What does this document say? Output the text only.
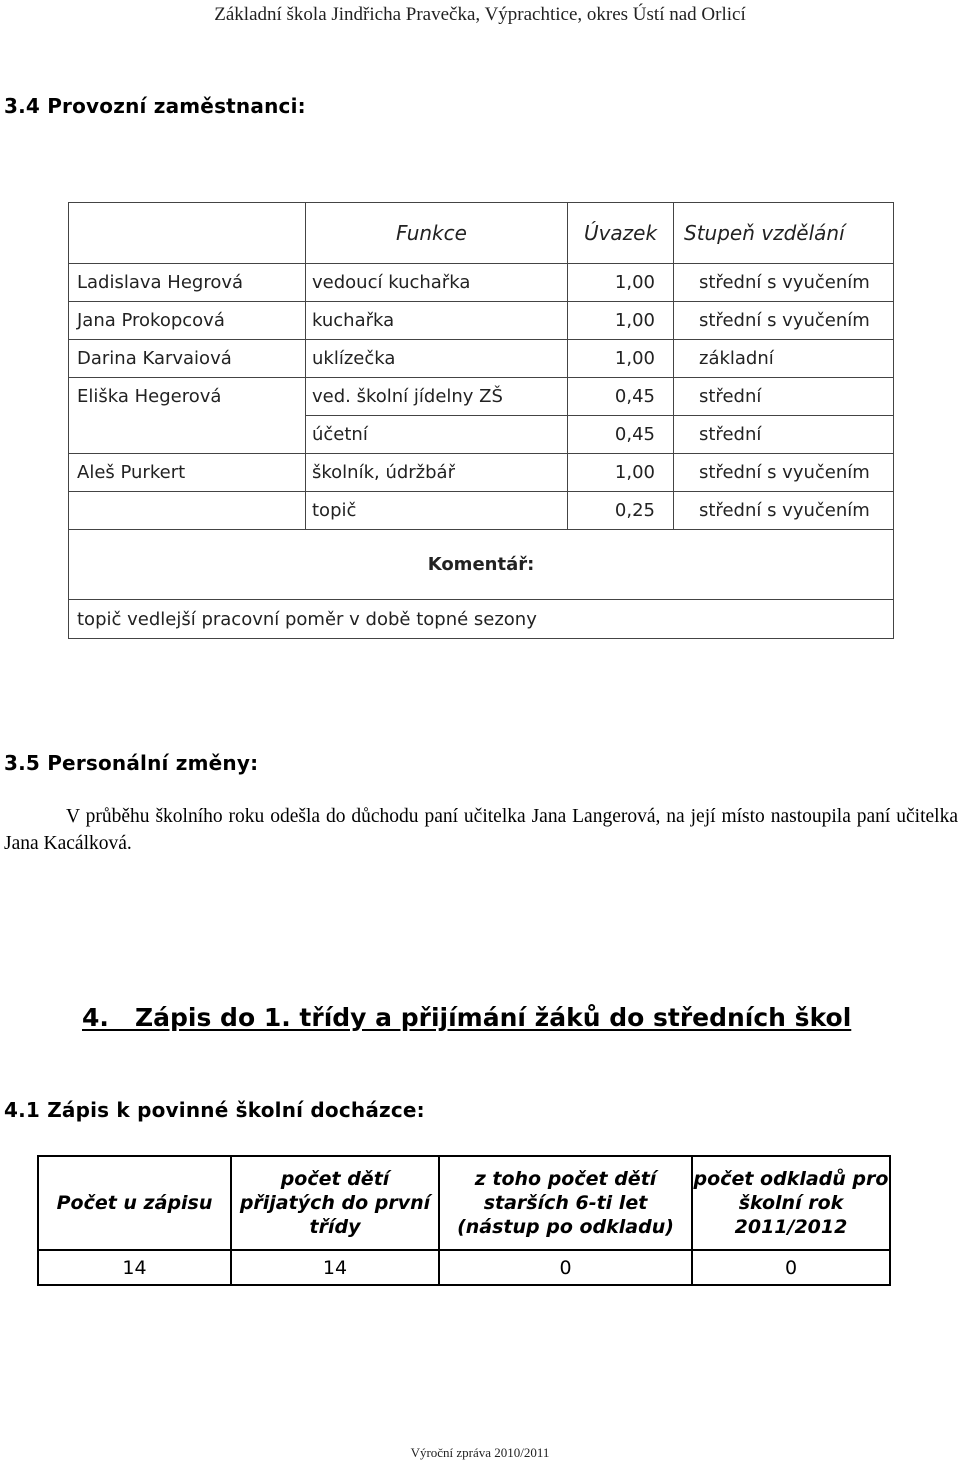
Základní škola Jindřicha Pravečka, Výprachtice, okres Ústí nad Orlicí
3.4 Provozní zaměstnanci:
	Funkce	Úvazek	Stupeň vzdělání
Ladislava Hegrová	vedoucí kuchařka	1,00	střední s vyučením
Jana Prokopcová	kuchařka	1,00	střední s vyučením
Darina Karvaiová	uklízečka	1,00	základní
Eliška Hegerová	ved. školní jídelny ZŠ	0,45	střední
	účetní	0,45	střední
Aleš Purkert	školník, údržbář	1,00	střední s vyučením
	topič	0,25	střední s vyučením
Komentář:			
topič vedlejší pracovní poměr v době topné sezony			
3.5 Personální změny:
V průběhu školního roku odešla do důchodu paní učitelka Jana Langerová, na její místo nastoupila paní učitelka Jana Kacálková.
4.   Zápis do 1. třídy a přijímání žáků do středních škol
4.1 Zápis k povinné školní docházce:
Počet u zápisu	počet dětí přijatých do první třídy	z toho počet dětí starších 6-ti let (nástup po odkladu)	počet odkladů pro školní rok 2011/2012
14	14	0	0
Výroční zpráva 2010/2011
